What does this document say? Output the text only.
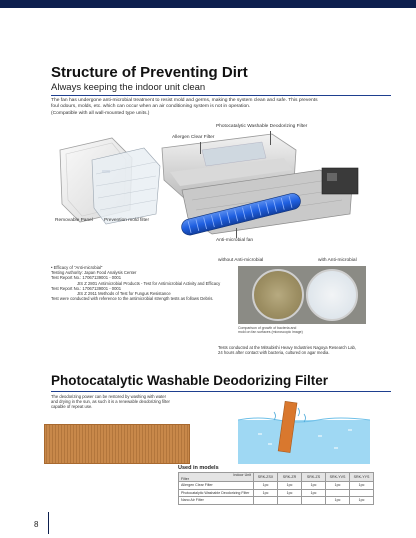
Structure of Preventing Dirt
Always keeping the indoor unit clean
The fan has undergone anti-microbial treatment to resist mold and germs, making the system clean and safe. This prevents
foul odours, molds, etc. which can occur when an air conditioning system is not in operation.
(Compatible with all wall-mounted type units.)
Photocatalytic Washable Deodorizing Filter
Allergen Clear Filter
Removable Panel Prevention mold filter
Anti-microbial fan
without Anti-microbial	with Anti-microbial
Comparison of growth of bacteria and
mold on fan surfaces (microscopic image)
• Efficacy of "Anti-microbial"
Testing Authority: Japan Food Analysis Center
Test Report No.: 17067139001 - 0001
JIS Z 2801 Antimicrobial Products - Test for Antimicrobial Activity and Efficacy
Test Report No.: 17067139001 - 0001
JIS Z 2911 Methods of Test for Fungus Resistance
Test were conducted with reference to the antimicrobial strength tests as follows Debris.
Tests conducted at the Mitsubishi Heavy Industries Nagoya Research Lab,
24 hours after contact with bacteria, cultured on agar media.
Photocatalytic Washable Deodorizing Filter
The deodorizing power can be restored by washing with water
and drying in the sun, as such it is a renewable deodorizing filter
capable of repeat use.
Used in models
Filter
Indoor Unit	SRK-ZSX	SRK-ZR	SRK-ZS	SRK-YVS	SRK-YYS
Allergen Clear Filter	1pc	1pc	1pc	1pc	1pc
Photocatalytic Washable Deodorizing Filter	1pc	1pc	1pc		
Nano Air Filter				1pc	1pc
8
